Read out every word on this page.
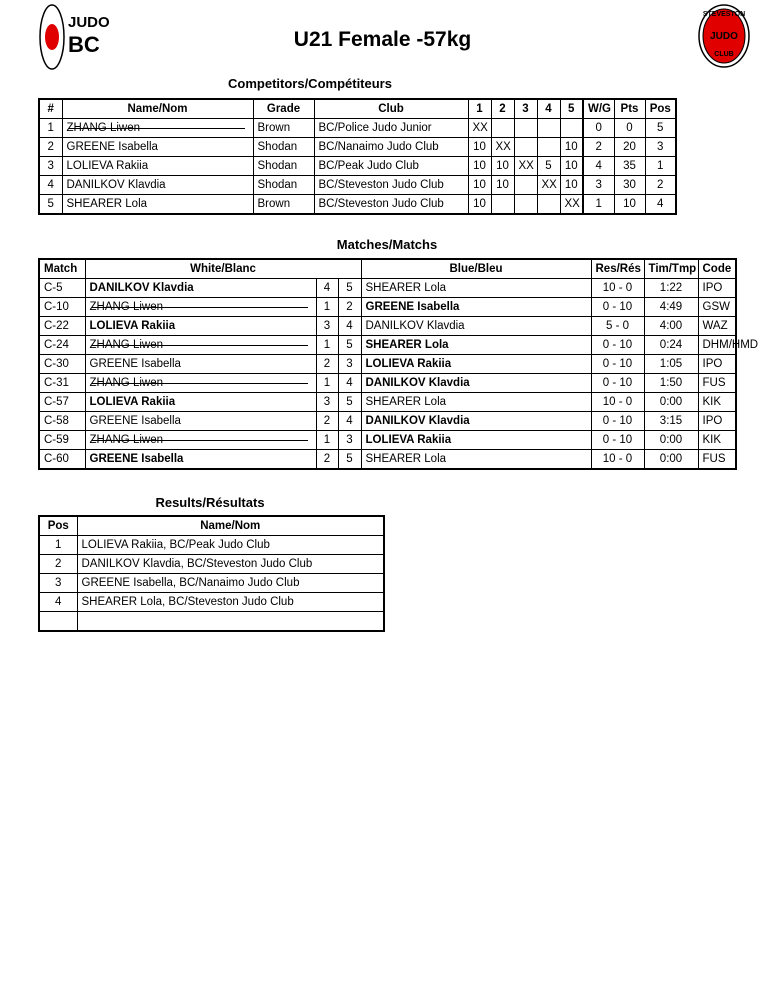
JUDO
BC
STEVESTON
JUDO
CLUB
U21 Female -57kg
Competitors/Compétiteurs
#	Name/Nom	Grade	Club	1	2	3	4	5	W/G	Pts	Pos
1	ZHANG Liwen	Brown	BC/Police Judo Junior	XX					0	0	5
2	GREENE Isabella	Shodan	BC/Nanaimo Judo Club	10	XX			10	2	20	3
3	LOLIEVA Rakiia	Shodan	BC/Peak Judo Club	10	10	XX	5	10	4	35	1
4	DANILKOV Klavdia	Shodan	BC/Steveston Judo Club	10	10		XX	10	3	30	2
5	SHEARER Lola	Brown	BC/Steveston Judo Club	10				XX	1	10	4
Matches/Matchs
Match	White/Blanc			Blue/Bleu	Res/Rés	Tim/Tmp	Code
C-5	DANILKOV Klavdia	4	5	SHEARER Lola	10 - 0	1:22	IPO
C-10	ZHANG Liwen	1	2	GREENE Isabella	0 - 10	4:49	GSW
C-22	LOLIEVA Rakiia	3	4	DANILKOV Klavdia	5 - 0	4:00	WAZ
C-24	ZHANG Liwen	1	5	SHEARER Lola	0 - 10	0:24	DHM/HMD
C-30	GREENE Isabella	2	3	LOLIEVA Rakiia	0 - 10	1:05	IPO
C-31	ZHANG Liwen	1	4	DANILKOV Klavdia	0 - 10	1:50	FUS
C-57	LOLIEVA Rakiia	3	5	SHEARER Lola	10 - 0	0:00	KIK
C-58	GREENE Isabella	2	4	DANILKOV Klavdia	0 - 10	3:15	IPO
C-59	ZHANG Liwen	1	3	LOLIEVA Rakiia	0 - 10	0:00	KIK
C-60	GREENE Isabella	2	5	SHEARER Lola	10 - 0	0:00	FUS
Results/Résultats
Pos	Name/Nom
1	LOLIEVA Rakiia, BC/Peak Judo Club
2	DANILKOV Klavdia, BC/Steveston Judo Club
3	GREENE Isabella, BC/Nanaimo Judo Club
4	SHEARER Lola, BC/Steveston Judo Club
